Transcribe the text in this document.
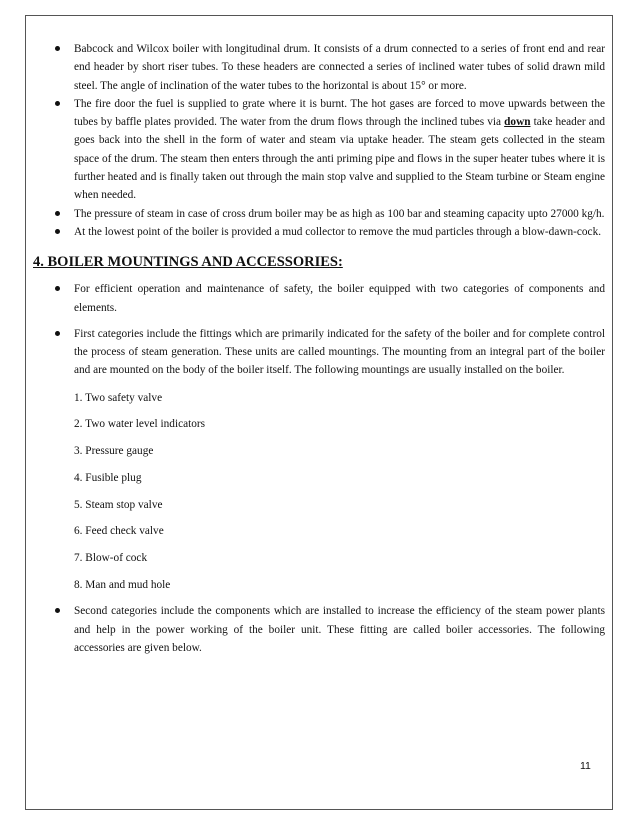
Babcock and Wilcox boiler with longitudinal drum. It consists of a drum connected to a series of front end and rear end header by short riser tubes. To these headers are connected a series of inclined water tubes of solid drawn mild steel. The angle of inclination of the water tubes to the horizontal is about 15° or more.
The fire door the fuel is supplied to grate where it is burnt. The hot gases are forced to move upwards between the tubes by baffle plates provided. The water from the drum flows through the inclined tubes via down take header and goes back into the shell in the form of water and steam via uptake header. The steam gets collected in the steam space of the drum. The steam then enters through the anti priming pipe and flows in the super heater tubes where it is further heated and is finally taken out through the main stop valve and supplied to the Steam turbine or Steam engine when needed.
The pressure of steam in case of cross drum boiler may be as high as 100 bar and steaming capacity upto 27000 kg/h.
At the lowest point of the boiler is provided a mud collector to remove the mud particles through a blow-dawn-cock.
4. BOILER MOUNTINGS AND ACCESSORIES:
For efficient operation and maintenance of safety, the boiler equipped with two categories of components and elements.
First categories include the fittings which are primarily indicated for the safety of the boiler and for complete control the process of steam generation. These units are called mountings. The mounting from an integral part of the boiler and are mounted on the body of the boiler itself. The following mountings are usually installed on the boiler.
1. Two safety valve
2. Two water level indicators
3. Pressure gauge
4. Fusible plug
5. Steam stop valve
6. Feed check valve
7. Blow-of cock
8. Man and mud hole
Second categories include the components which are installed to increase the efficiency of the steam power plants and help in the power working of the boiler unit. These fitting are called boiler accessories. The following accessories are given below.
11
